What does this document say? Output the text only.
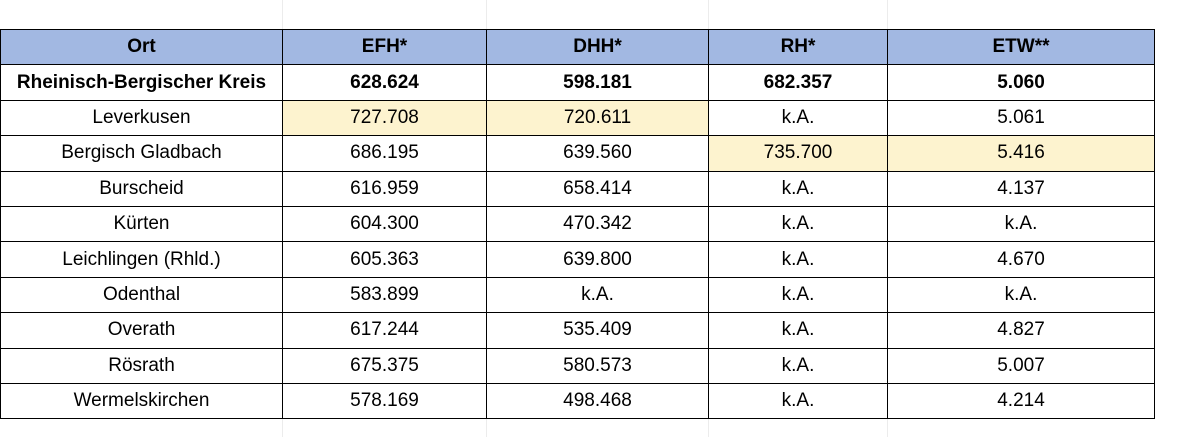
Ort	EFH*	DHH*	RH*	ETW**
Rheinisch-Bergischer Kreis	628.624	598.181	682.357	5.060
Leverkusen	727.708	720.611	k.A.	5.061
Bergisch Gladbach	686.195	639.560	735.700	5.416
Burscheid	616.959	658.414	k.A.	4.137
Kürten	604.300	470.342	k.A.	k.A.
Leichlingen (Rhld.)	605.363	639.800	k.A.	4.670
Odenthal	583.899	k.A.	k.A.	k.A.
Overath	617.244	535.409	k.A.	4.827
Rösrath	675.375	580.573	k.A.	5.007
Wermelskirchen	578.169	498.468	k.A.	4.214
